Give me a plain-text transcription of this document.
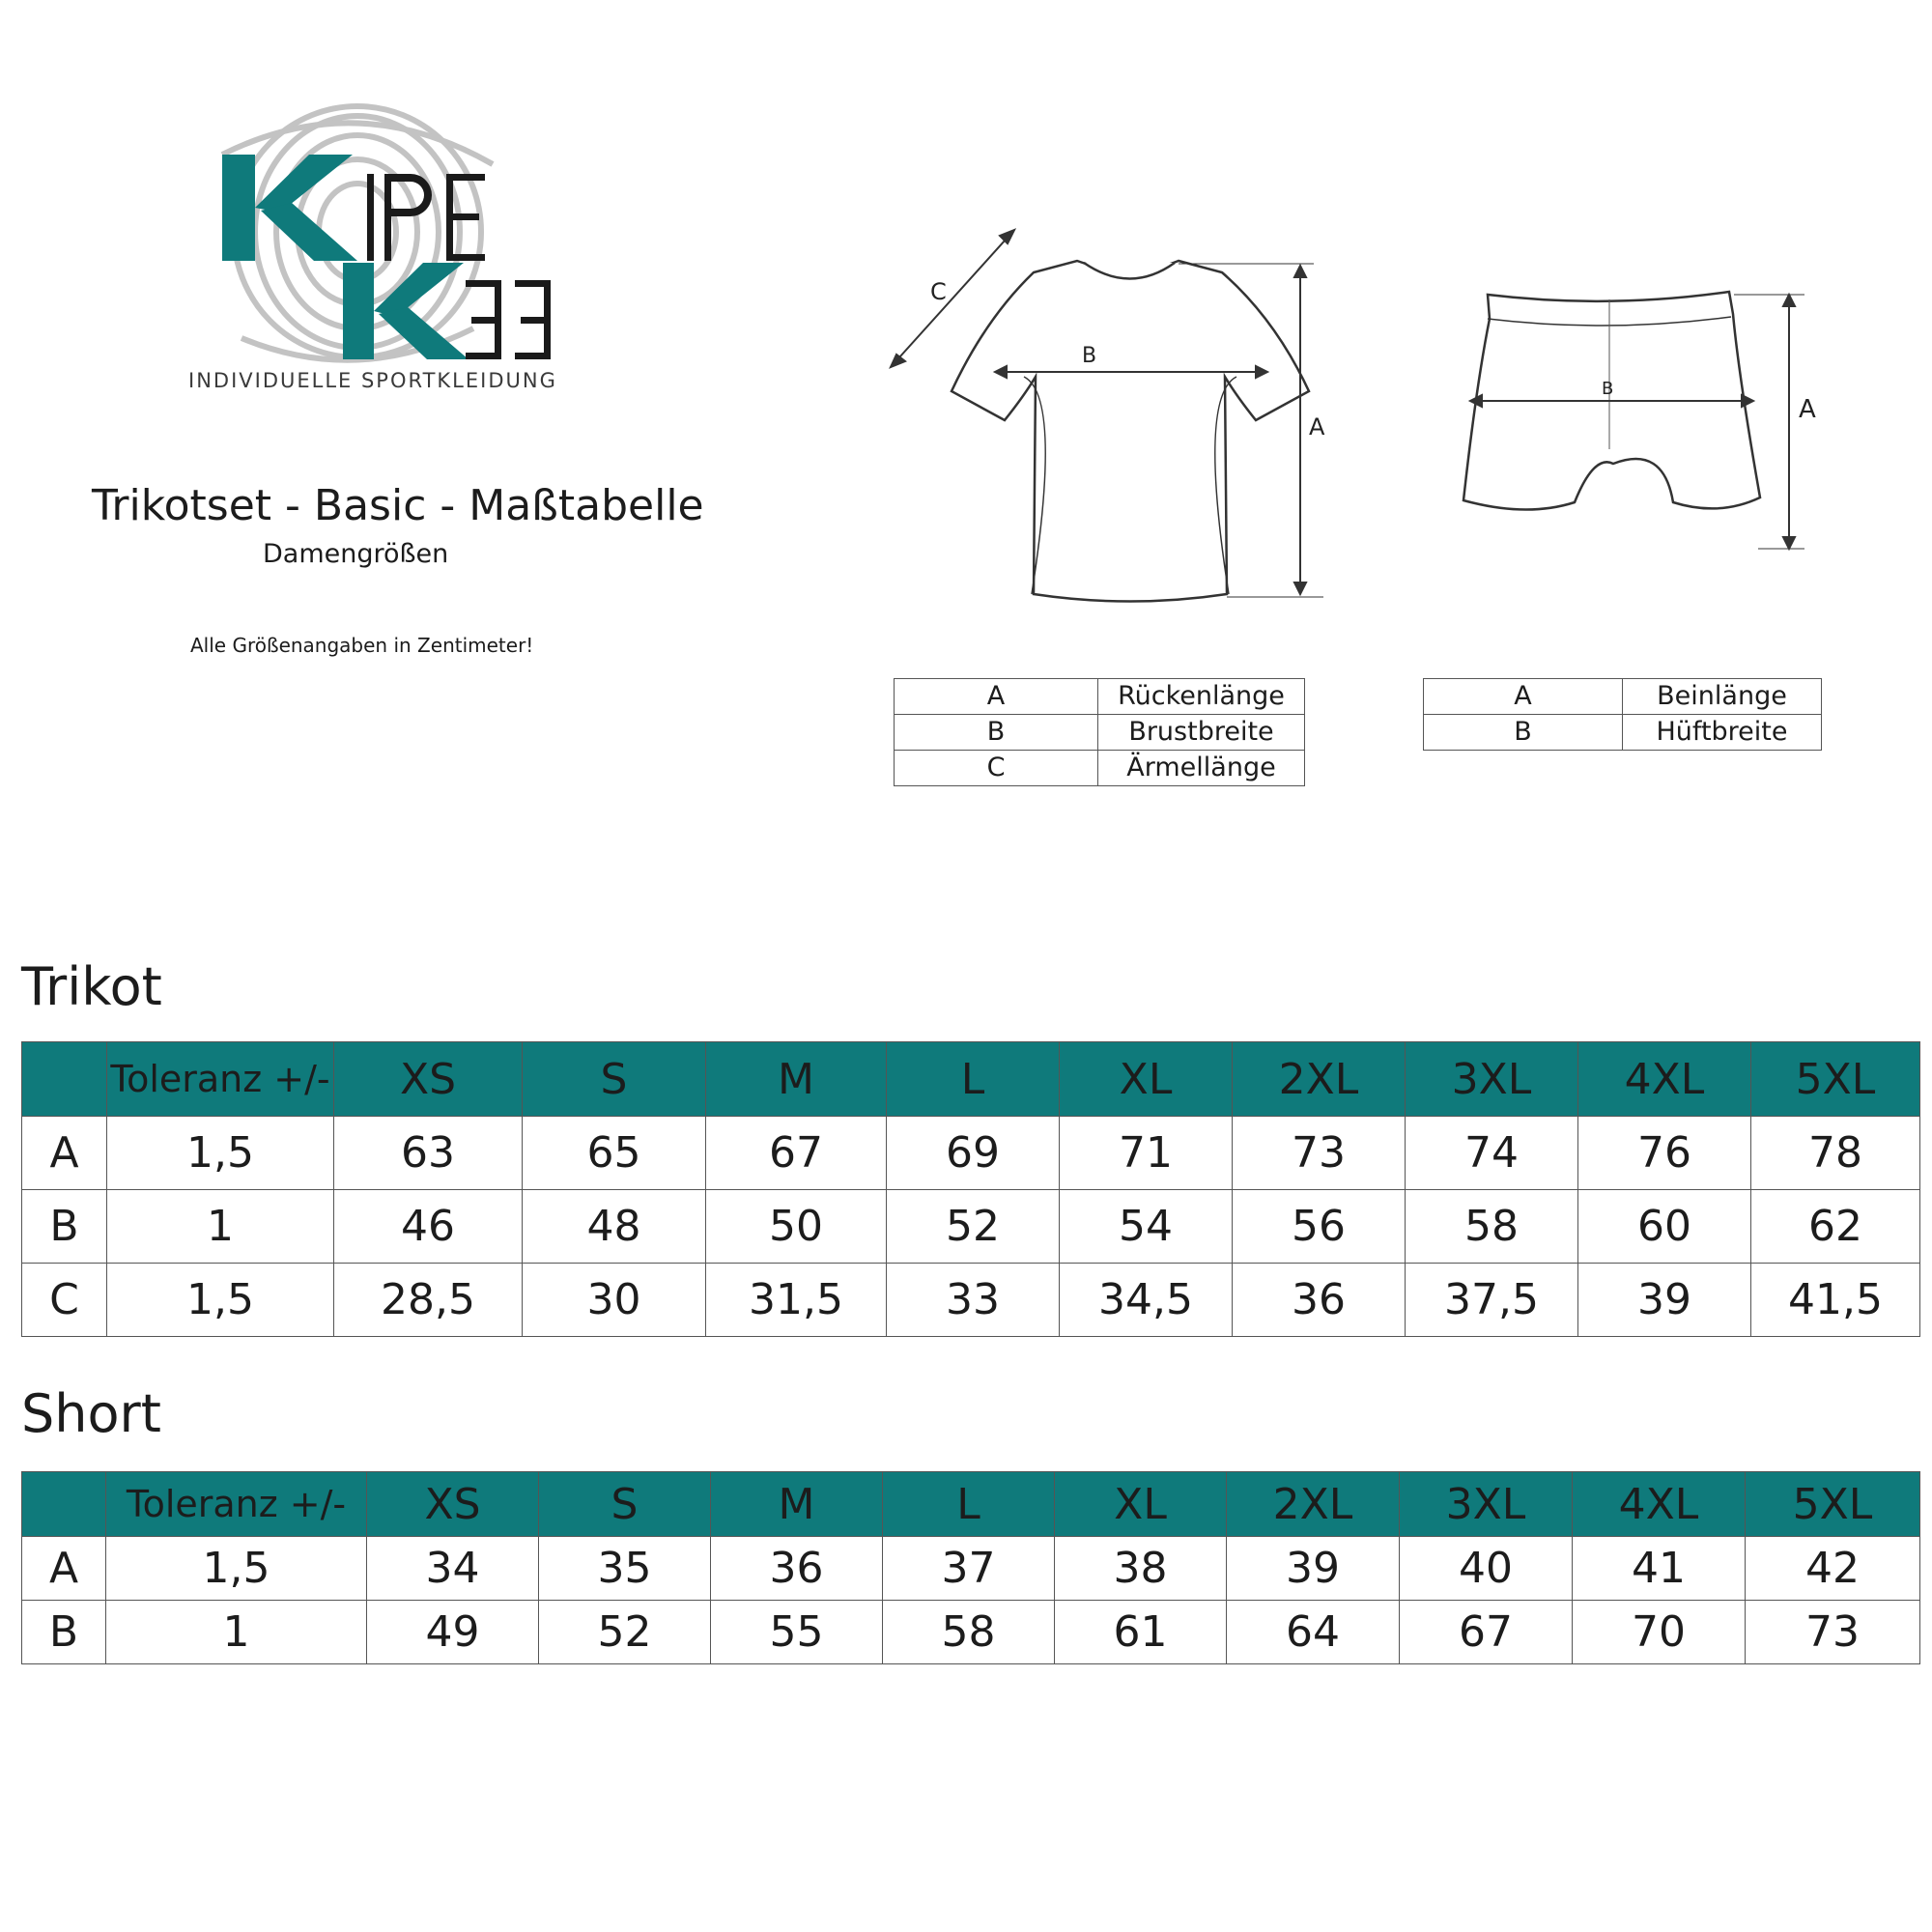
INDIVIDUELLE SPORTKLEIDUNG
Trikotset - Basic - Maßtabelle
Damengrößen
Alle Größenangaben in Zentimeter!
B
A
C
B
A
A	Rückenlänge
B	Brustbreite
C	Ärmellänge
A	Beinlänge
B	Hüftbreite
Trikot
	Toleranz +/-	XS	S	M	L	XL	2XL	3XL	4XL	5XL
A	1,5	63	65	67	69	71	73	74	76	78
B	1	46	48	50	52	54	56	58	60	62
C	1,5	28,5	30	31,5	33	34,5	36	37,5	39	41,5
Short
	Toleranz +/-	XS	S	M	L	XL	2XL	3XL	4XL	5XL
A	1,5	34	35	36	37	38	39	40	41	42
B	1	49	52	55	58	61	64	67	70	73
